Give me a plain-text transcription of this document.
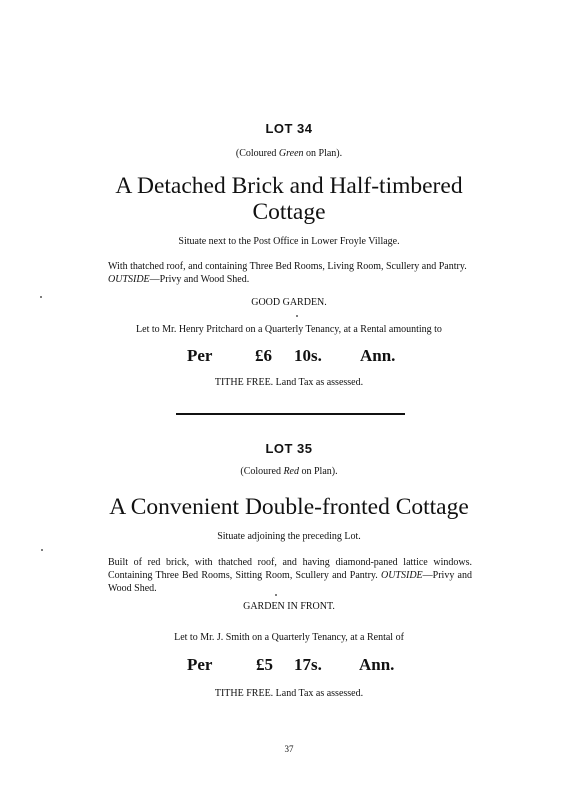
LOT 34
(Coloured Green on Plan).
A Detached Brick and Half-timbered
Cottage
Situate next to the Post Office in Lower Froyle Village.
With thatched roof, and containing Three Bed Rooms, Living Room, Scullery and Pantry.
OUTSIDE—Privy and Wood Shed.
GOOD GARDEN.
Let to Mr. Henry Pritchard on a Quarterly Tenancy, at a Rental amounting to
Per	£6 10s. Ann.
TITHE FREE. Land Tax as assessed.
LOT 35
(Coloured Red on Plan).
A Convenient Double-fronted Cottage
Situate adjoining the preceding Lot.
Built of red brick, with thatched roof, and having diamond-paned lattice windows. Containing Three Bed Rooms, Sitting Room, Scullery and Pantry. OUTSIDE—Privy and Wood Shed.
GARDEN IN FRONT.
Let to Mr. J. Smith on a Quarterly Tenancy, at a Rental of
Per	£5 17s. Ann.
TITHE FREE. Land Tax as assessed.
37
